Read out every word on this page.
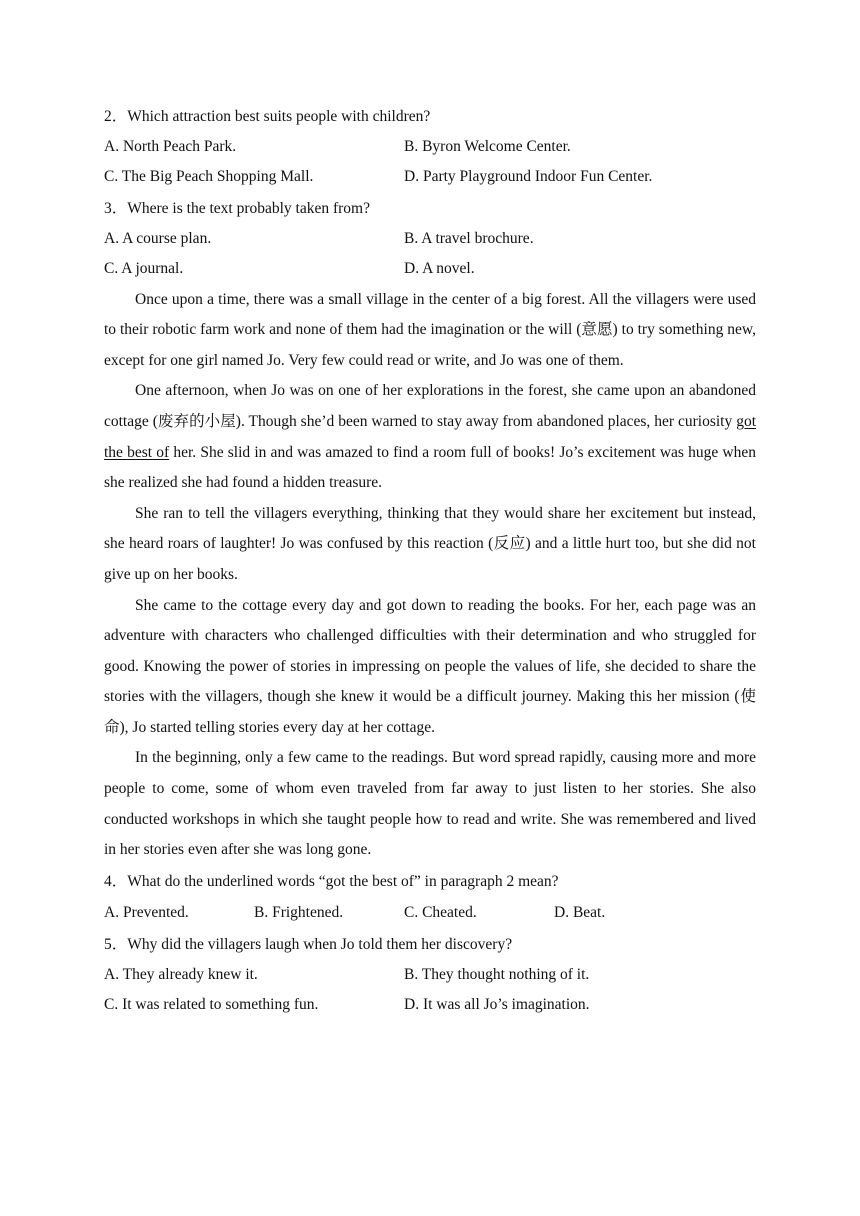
2．Which attraction best suits people with children?
A. North Peach Park.	B. Byron Welcome Center.
C. The Big Peach Shopping Mall.	D. Party Playground Indoor Fun Center.
3．Where is the text probably taken from?
A. A course plan.	B. A travel brochure.
C. A journal.	D. A novel.
Once upon a time, there was a small village in the center of a big forest. All the villagers were used to their robotic farm work and none of them had the imagination or the will (意愿) to try something new, except for one girl named Jo. Very few could read or write, and Jo was one of them.
One afternoon, when Jo was on one of her explorations in the forest, she came upon an abandoned cottage (废弃的小屋). Though she’d been warned to stay away from abandoned places, her curiosity got the best of her. She slid in and was amazed to find a room full of books! Jo’s excitement was huge when she realized she had found a hidden treasure.
She ran to tell the villagers everything, thinking that they would share her excitement but instead, she heard roars of laughter! Jo was confused by this reaction (反应) and a little hurt too, but she did not give up on her books.
She came to the cottage every day and got down to reading the books. For her, each page was an adventure with characters who challenged difficulties with their determination and who struggled for good. Knowing the power of stories in impressing on people the values of life, she decided to share the stories with the villagers, though she knew it would be a difficult journey. Making this her mission (使命), Jo started telling stories every day at her cottage.
In the beginning, only a few came to the readings. But word spread rapidly, causing more and more people to come, some of whom even traveled from far away to just listen to her stories. She also conducted workshops in which she taught people how to read and write. She was remembered and lived in her stories even after she was long gone.
4．What do the underlined words “got the best of” in paragraph 2 mean?
A. Prevented.	B. Frightened.	C. Cheated.	D. Beat.
5．Why did the villagers laugh when Jo told them her discovery?
A. They already knew it.	B. They thought nothing of it.
C. It was related to something fun.	D. It was all Jo’s imagination.
